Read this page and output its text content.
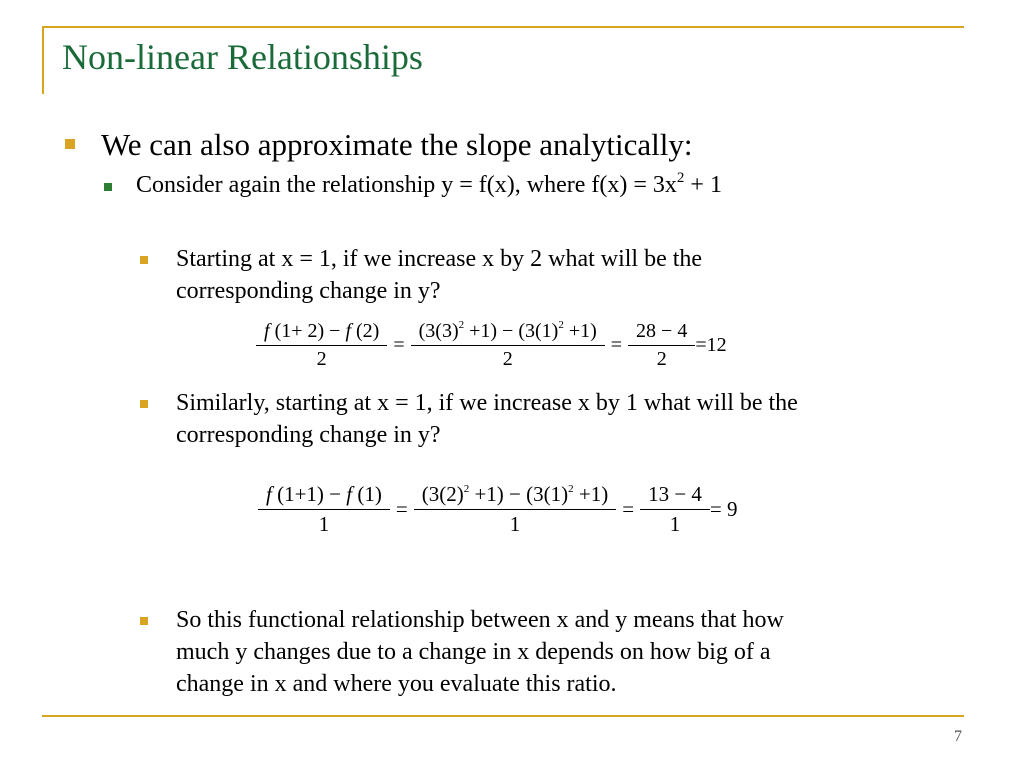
Non-linear Relationships
We can also approximate the slope analytically:
Consider again the relationship y = f(x), where $f(x) = 3x^2 + 1$
Starting at x = 1, if we increase x by 2 what will be the
corresponding change in y?
$\frac{f (1+ 2) - f (2)}{2} = \frac{(3(3)^2 +1) - (3(1)^2 +1)}{2} = \frac{28 - 4}{2} =12$
Similarly, starting at x = 1, if we increase x by 1 what will be the
corresponding change in y?
$\frac{f (1+1) - f (1)}{1} = \frac{(3(2)^2 +1) - (3(1)^2 +1)}{1} = \frac{13 - 4}{1} = 9$
So this functional relationship between x and y means that how
much y changes due to a change in x depends on how big of a
change in x and where you evaluate this ratio.
7
